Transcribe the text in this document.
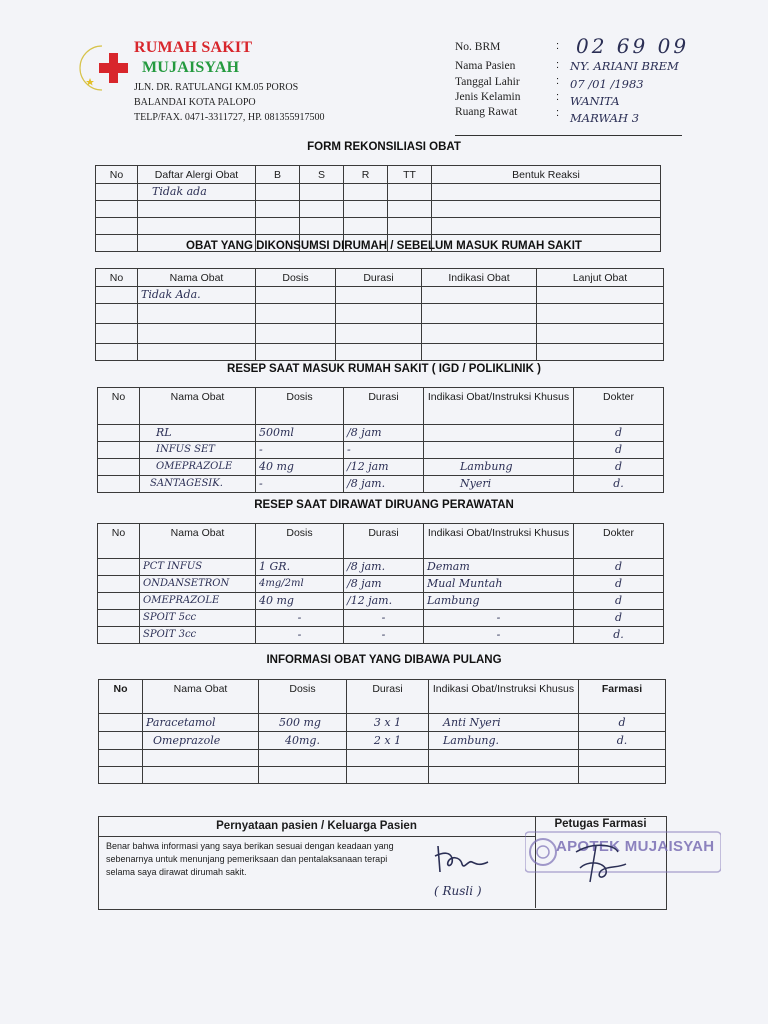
RUMAH SAKIT
MUJAISYAH
JLN. DR. RATULANGI KM.05 POROS
BALANDAI KOTA PALOPO
TELP/FAX. 0471-3311727, HP. 081355917500
No. BRM	: 02 69 09
Nama Pasien	: NY. ARIANI BREM
Tanggal Lahir	: 07 /01 /1983
Jenis Kelamin	: WANITA
Ruang Rawat	: MARWAH 3
FORM REKONSILIASI OBAT
No	Daftar Alergi Obat	B	S	R	TT	Bentuk Reaksi
	Tidak ada					

OBAT YANG DIKONSUMSI DIRUMAH / SEBELUM MASUK RUMAH SAKIT
No	Nama Obat	Dosis	Durasi	Indikasi Obat	Lanjut Obat
	Tidak Ada.				

RESEP SAAT MASUK RUMAH SAKIT ( IGD / POLIKLINIK )
No	Nama Obat	Dosis	Durasi	Indikasi Obat/Instruksi Khusus	Dokter
	RL	500ml	/8 jam		d
	INFUS SET	-	-		d
	OMEPRAZOLE	40 mg	/12 jam	Lambung	d
	SANTAGESIK.	-	/8 jam.	Nyeri	d.
RESEP SAAT DIRAWAT DIRUANG PERAWATAN
No	Nama Obat	Dosis	Durasi	Indikasi Obat/Instruksi Khusus	Dokter
	PCT INFUS	1 GR.	/8 jam.	Demam	d
	ONDANSETRON	4mg/2ml	/8 jam	Mual Muntah	d
	OMEPRAZOLE	40 mg	/12 jam.	Lambung	d
	SPOIT 5cc	-	-	-	d
	SPOIT 3cc	-	-	-	d.
INFORMASI OBAT YANG DIBAWA PULANG
No	Nama Obat	Dosis	Durasi	Indikasi Obat/Instruksi Khusus	Farmasi
	Paracetamol	500 mg	3 x 1	Anti Nyeri	d
	Omeprazole	40mg.	2 x 1	Lambung.	d.

Pernyataan pasien / Keluarga Pasien	Petugas Farmasi
Benar bahwa informasi yang saya berikan sesuai dengan keadaan yang sebenarnya untuk menunjang pemeriksaan dan pentalaksanaan terapi selama saya dirawat dirumah sakit.
( Rusli )
APOTEK MUJAISYAH
